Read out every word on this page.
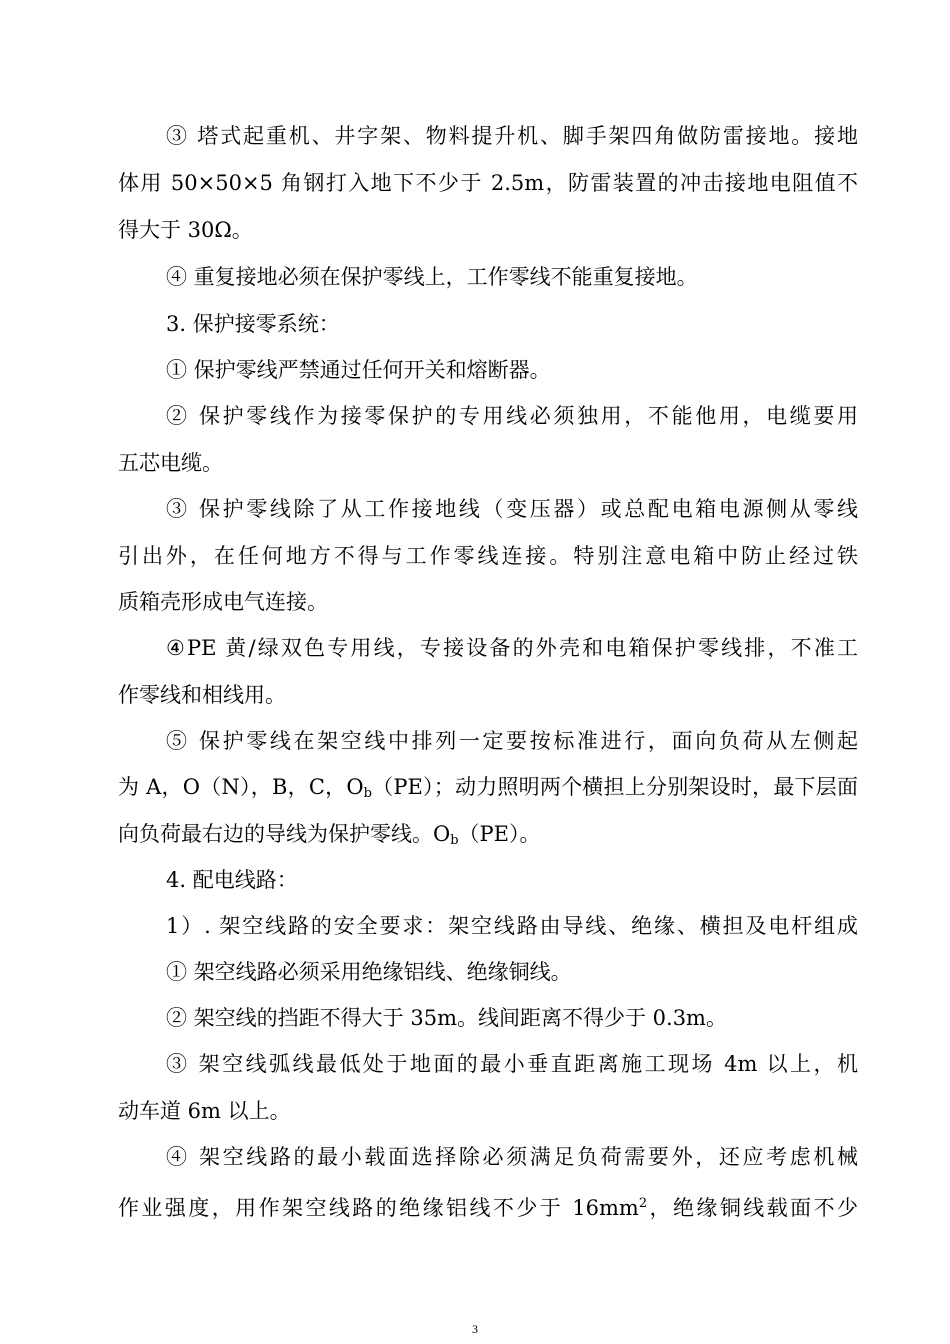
③ 塔式起重机、井字架、物料提升机、脚手架四角做防雷接地。接地
体用 50×50×5 角钢打入地下不少于 2.5m，防雷装置的冲击接地电阻值不
得大于 30Ω。
④ 重复接地必须在保护零线上，工作零线不能重复接地。
3. 保护接零系统：
① 保护零线严禁通过任何开关和熔断器。
② 保护零线作为接零保护的专用线必须独用，不能他用，电缆要用
五芯电缆。
③ 保护零线除了从工作接地线（变压器）或总配电箱电源侧从零线
引出外，在任何地方不得与工作零线连接。特别注意电箱中防止经过铁
质箱壳形成电气连接。
④PE 黄/绿双色专用线，专接设备的外壳和电箱保护零线排，不准工
作零线和相线用。
⑤ 保护零线在架空线中排列一定要按标准进行，面向负荷从左侧起
为 A，O（N），B，C，$O_b(PE)$；动力照明两个横担上分别架设时，最下层面
向负荷最右边的导线为保护零线。$O_b(PE)$。
4. 配电线路：
1）. 架空线路的安全要求：架空线路由导线、绝缘、横担及电杆组成
① 架空线路必须采用绝缘铝线、绝缘铜线。
② 架空线的挡距不得大于 35m。线间距离不得少于 0.3m。
③ 架空线弧线最低处于地面的最小垂直距离施工现场 4m 以上，机
动车道 6m 以上。
④ 架空线路的最小载面选择除必须满足负荷需要外，还应考虑机械
作业强度，用作架空线路的绝缘铝线不少于 $16mm^2$，绝缘铜线载面不少
3
